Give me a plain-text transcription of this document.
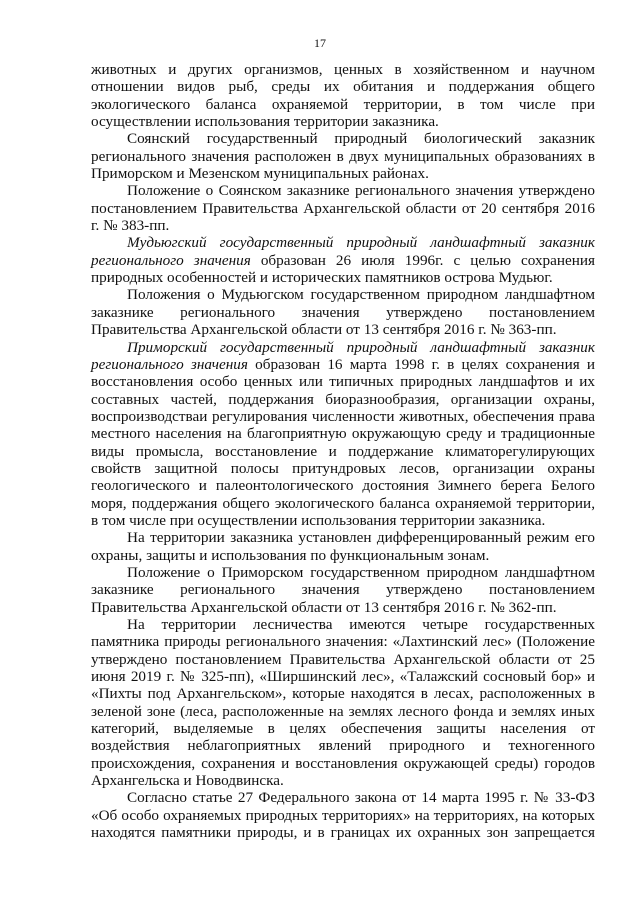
17

животных и других организмов, ценных в хозяйственном и научном отношении видов рыб, среды их обитания и поддержания общего экологического баланса охраняемой территории, в том числе при осуществлении использования территории заказника.

Соянский государственный природный биологический заказник регионального значения расположен в двух муниципальных образованиях в Приморском и Мезенском муниципальных районах.

Положение о Соянском заказнике регионального значения утверждено постановлением Правительства Архангельской области от 20 сентября 2016 г. № 383-пп.

Мудьюгский государственный природный ландшафтный заказник регионального значения образован 26 июля 1996г. с целью сохранения природных особенностей и исторических памятников острова Мудьюг.

Положения о Мудьюгском государственном природном ландшафтном заказнике регионального значения утверждено постановлением Правительства Архангельской области от 13 сентября 2016 г. № 363-пп.

Приморский государственный природный ландшафтный заказник регионального значения образован 16 марта 1998 г. в целях сохранения и восстановления особо ценных или типичных природных ландшафтов и их составных частей, поддержания биоразнообразия, организации охраны, воспроизводстваи регулирования численности животных, обеспечения права местного населения на благоприятную окружающую среду и традиционные виды промысла, восстановление и поддержание климаторегулирующих свойств защитной полосы притундровых лесов, организации охраны геологического и палеонтологического достояния Зимнего берега Белого моря, поддержания общего экологического баланса охраняемой территории, в том числе при осуществлении использования территории заказника.

На территории заказника установлен дифференцированный режим его охраны, защиты и использования по функциональным зонам.

Положение о Приморском государственном природном ландшафтном заказнике регионального значения утверждено постановлением Правительства Архангельской области от 13 сентября 2016 г. № 362-пп.

На территории лесничества имеются четыре государственных памятника природы регионального значения: «Лахтинский лес» (Положение утверждено постановлением Правительства Архангельской области от 25 июня 2019 г. № 325-пп), «Ширшинский лес», «Талажский сосновый бор» и «Пихты под Архангельском», которые находятся в лесах, расположенных в зеленой зоне (леса, расположенные на землях лесного фонда и землях иных категорий, выделяемые в целях обеспечения защиты населения от воздействия неблагоприятных явлений природного и техногенного происхождения, сохранения и восстановления окружающей среды) городов Архангельска и Новодвинска.

Согласно статье 27 Федерального закона от 14 марта 1995 г. № 33-ФЗ «Об особо охраняемых природных территориях» на территориях, на которых находятся памятники природы, и в границах их охранных зон запрещается
